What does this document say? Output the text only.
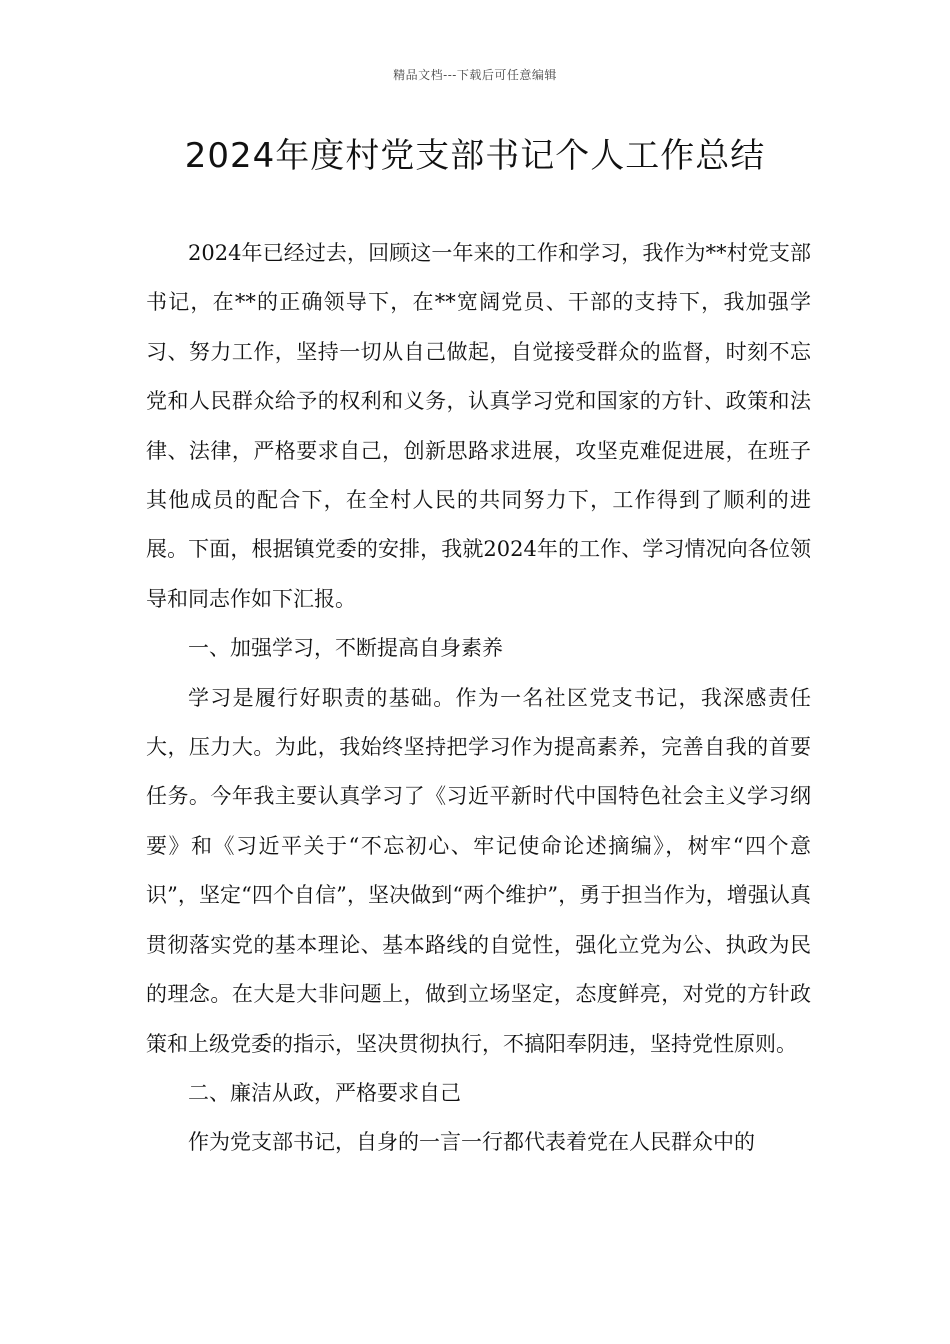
精品文档---下载后可任意编辑
2024年度村党支部书记个人工作总结

2024年已经过去，回顾这一年来的工作和学习，我作为**村党支部书记，在**的正确领导下，在**宽阔党员、干部的支持下，我加强学习、努力工作，坚持一切从自己做起，自觉接受群众的监督，时刻不忘党和人民群众给予的权利和义务，认真学习党和国家的方针、政策和法律、法律，严格要求自己，创新思路求进展，攻坚克难促进展，在班子其他成员的配合下，在全村人民的共同努力下，工作得到了顺利的进展。下面，根据镇党委的安排，我就2024年的工作、学习情况向各位领导和同志作如下汇报。

一、加强学习，不断提高自身素养

学习是履行好职责的基础。作为一名社区党支书记，我深感责任大，压力大。为此，我始终坚持把学习作为提高素养，完善自我的首要任务。今年我主要认真学习了《习近平新时代中国特色社会主义学习纲要》和《习近平关于“不忘初心、牢记使命论述摘编》，树牢“四个意识”，坚定“四个自信”，坚决做到“两个维护”，勇于担当作为，增强认真贯彻落实党的基本理论、基本路线的自觉性，强化立党为公、执政为民的理念。在大是大非问题上，做到立场坚定，态度鲜亮，对党的方针政策和上级党委的指示，坚决贯彻执行，不搞阳奉阴违，坚持党性原则。

二、廉洁从政，严格要求自己

作为党支部书记，自身的一言一行都代表着党在人民群众中的
